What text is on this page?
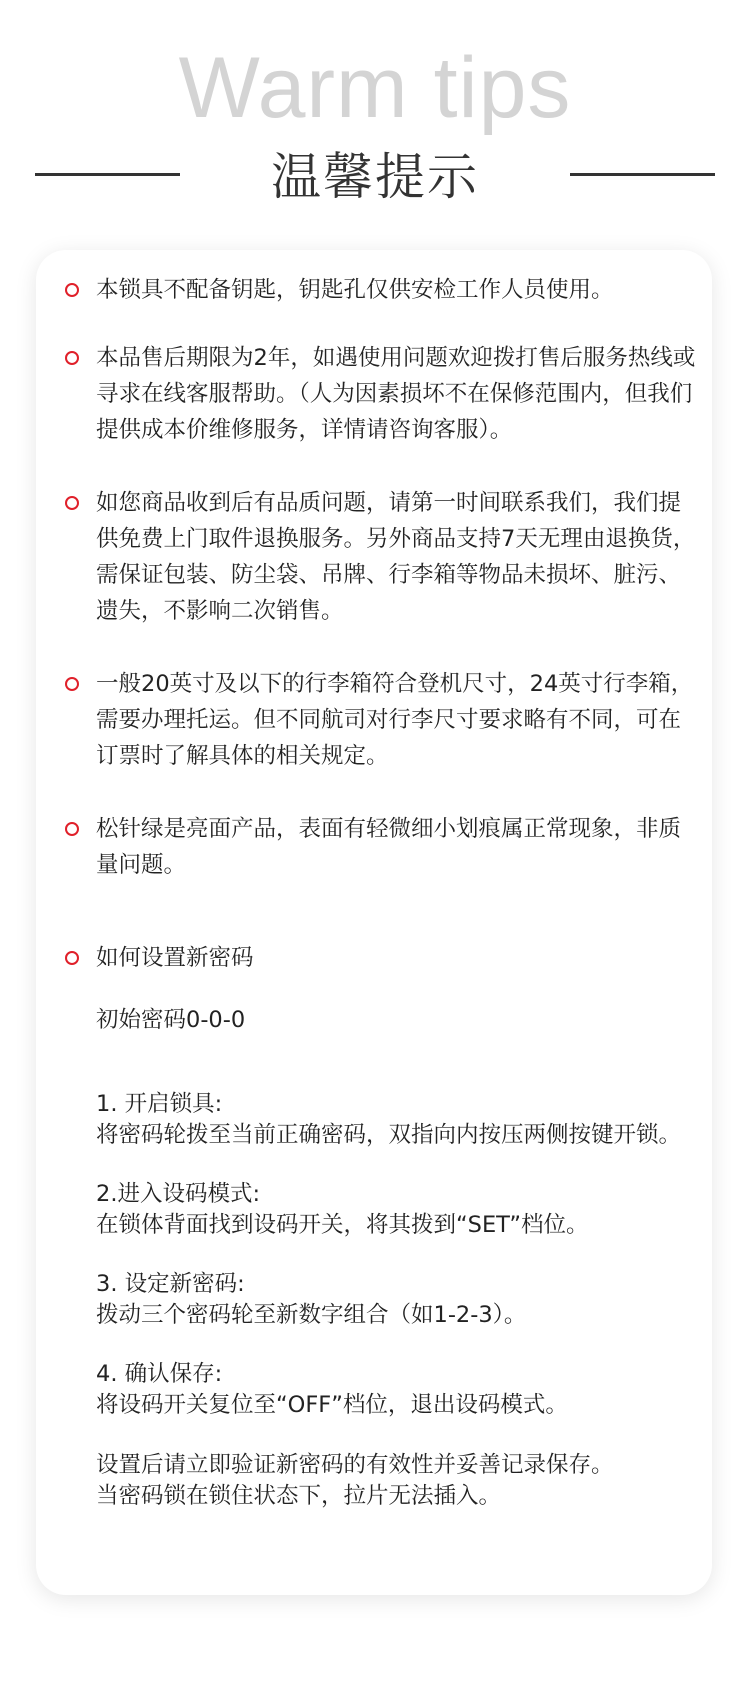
Warm tips
温馨提示
本锁具不配备钥匙，钥匙孔仅供安检工作人员使用。
本品售后期限为2年，如遇使用问题欢迎拨打售后服务热线或寻求在线客服帮助。（人为因素损坏不在保修范围内，但我们提供成本价维修服务，详情请咨询客服）。
如您商品收到后有品质问题，请第一时间联系我们，我们提供免费上门取件退换服务。另外商品支持7天无理由退换货，需保证包装、防尘袋、吊牌、行李箱等物品未损坏、脏污、遗失，不影响二次销售。
一般20英寸及以下的行李箱符合登机尺寸，24英寸行李箱，需要办理托运。但不同航司对行李尺寸要求略有不同，可在订票时了解具体的相关规定。
松针绿是亮面产品，表面有轻微细小划痕属正常现象，非质量问题。
如何设置新密码
初始密码0-0-0
1. 开启锁具:
将密码轮拨至当前正确密码，双指向内按压两侧按键开锁。
2.进入设码模式:
在锁体背面找到设码开关，将其拨到“SET”档位。
3. 设定新密码:
拨动三个密码轮至新数字组合（如1-2-3）。
4. 确认保存:
将设码开关复位至“OFF”档位，退出设码模式。
设置后请立即验证新密码的有效性并妥善记录保存。
当密码锁在锁住状态下，拉片无法插入。
